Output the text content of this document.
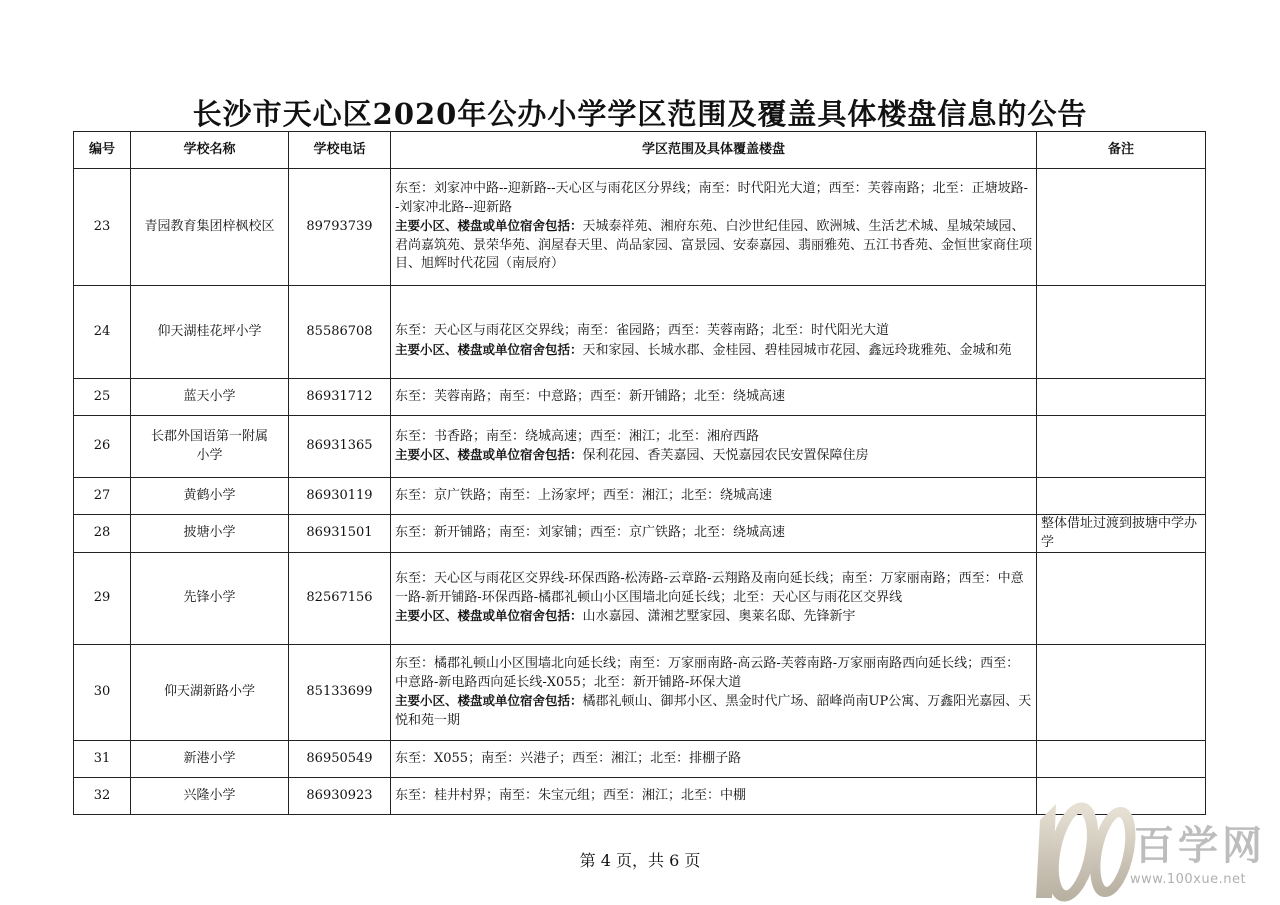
长沙市天心区2020年公办小学学区范围及覆盖具体楼盘信息的公告
编号	学校名称	学校电话	学区范围及具体覆盖楼盘	备注
23	青园教育集团梓枫校区	89793739	东至：刘家冲中路--迎新路--天心区与雨花区分界线；南至：时代阳光大道；西至：芙蓉南路；北至：正塘坡路--刘家冲北路--迎新路
主要小区、楼盘或单位宿舍包括：天城泰祥苑、湘府东苑、白沙世纪佳园、欧洲城、生活艺术城、星城荣域园、君尚嘉筑苑、景荣华苑、润屋春天里、尚品家园、富景园、安泰嘉园、翡丽雅苑、五江书香苑、金恒世家商住项目、旭辉时代花园（南辰府）	
24	仰天湖桂花坪小学	85586708	东至：天心区与雨花区交界线；南至：雀园路；西至：芙蓉南路；北至：时代阳光大道
主要小区、楼盘或单位宿舍包括：天和家园、长城水郡、金桂园、碧桂园城市花园、鑫远玲珑雅苑、金城和苑	
25	蓝天小学	86931712	东至：芙蓉南路；南至：中意路；西至：新开铺路；北至：绕城高速	
26	长郡外国语第一附属小学	86931365	东至：书香路；南至：绕城高速；西至：湘江；北至：湘府西路
主要小区、楼盘或单位宿舍包括：保利花园、香芙嘉园、天悦嘉园农民安置保障住房	
27	黄鹤小学	86930119	东至：京广铁路；南至：上汤家坪；西至：湘江；北至：绕城高速	
28	披塘小学	86931501	东至：新开铺路；南至：刘家铺；西至：京广铁路；北至：绕城高速	整体借址过渡到披塘中学办学
29	先锋小学	82567156	东至：天心区与雨花区交界线-环保西路-松涛路-云章路-云翔路及南向延长线；南至：万家丽南路；西至：中意一路-新开铺路-环保西路-橘郡礼顿山小区围墙北向延长线；北至：天心区与雨花区交界线
主要小区、楼盘或单位宿舍包括：山水嘉园、潇湘艺墅家园、奥莱名邸、先锋新宇	
30	仰天湖新路小学	85133699	东至：橘郡礼顿山小区围墙北向延长线；南至：万家丽南路-高云路-芙蓉南路-万家丽南路西向延长线；西至：中意路-新电路西向延长线-X055；北至：新开铺路-环保大道
主要小区、楼盘或单位宿舍包括：橘郡礼顿山、御邦小区、黑金时代广场、韶峰尚南UP公寓、万鑫阳光嘉园、天悦和苑一期	
31	新港小学	86950549	东至：X055；南至：兴港子；西至：湘江；北至：排棚子路	
32	兴隆小学	86930923	东至：桂井村界；南至：朱宝元组；西至：湘江；北至：中棚	
第 4 页，共 6 页	百学网
www.100xue.net
